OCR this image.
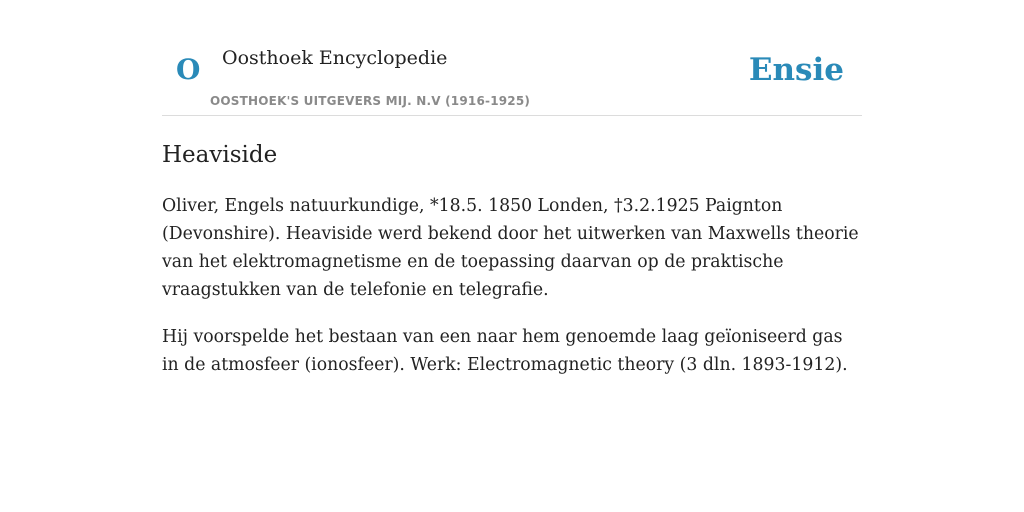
O Oosthoek Encyclopedie
OOSTHOEK'S UITGEVERS MIJ. N.V (1916-1925)
Ensie
Heaviside

Oliver, Engels natuurkundige, *18.5. 1850 Londen, †⁠3.2.1925 Paignton (Devonshire). Heaviside werd bekend door het uitwerken van Maxwells theorie van het elektromagnetisme en de toepassing daarvan op de praktische vraagstukken van de telefonie en telegrafie.

Hij voorspelde het bestaan van een naar hem genoemde laag geïoniseerd gas in de atmosfeer (ionosfeer). Werk: Electromagnetic theory (3 dln. 1893-1912).
